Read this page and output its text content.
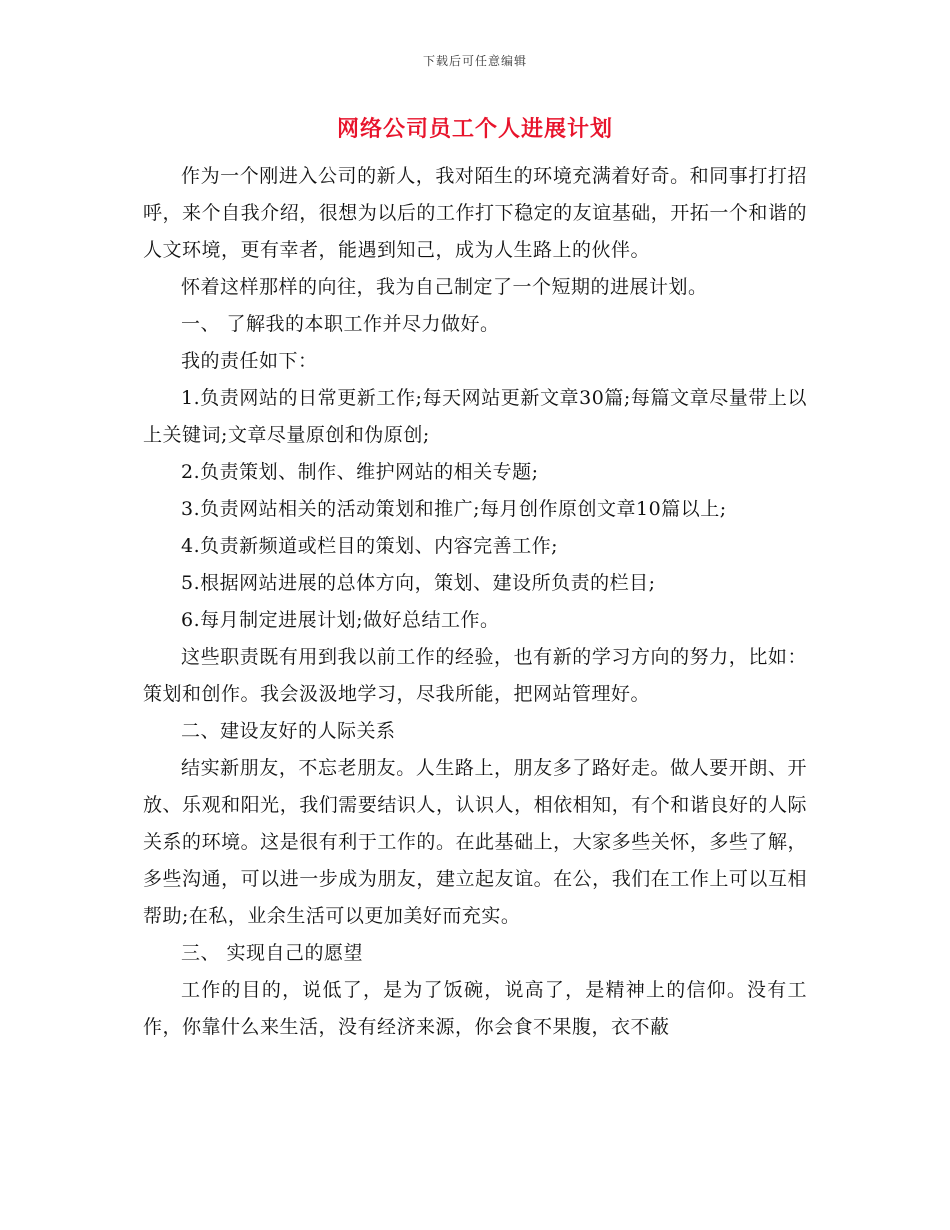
下载后可任意编辑
网络公司员工个人进展计划

作为一个刚进入公司的新人，我对陌生的环境充满着好奇。和同事打打招呼，来个自我介绍，很想为以后的工作打下稳定的友谊基础，开拓一个和谐的人文环境，更有幸者，能遇到知己，成为人生路上的伙伴。

怀着这样那样的向往，我为自己制定了一个短期的进展计划。

一、 了解我的本职工作并尽力做好。

我的责任如下：

1.负责网站的日常更新工作;每天网站更新文章30篇;每篇文章尽量带上以上关键词;文章尽量原创和伪原创;

2.负责策划、制作、维护网站的相关专题;

3.负责网站相关的活动策划和推广;每月创作原创文章10篇以上;

4.负责新频道或栏目的策划、内容完善工作;

5.根据网站进展的总体方向，策划、建设所负责的栏目;

6.每月制定进展计划;做好总结工作。

这些职责既有用到我以前工作的经验，也有新的学习方向的努力，比如：策划和创作。我会汲汲地学习，尽我所能，把网站管理好。

二、建设友好的人际关系

结实新朋友，不忘老朋友。人生路上，朋友多了路好走。做人要开朗、开放、乐观和阳光，我们需要结识人，认识人，相依相知，有个和谐良好的人际关系的环境。这是很有利于工作的。在此基础上，大家多些关怀，多些了解，多些沟通，可以进一步成为朋友，建立起友谊。在公，我们在工作上可以互相帮助;在私，业余生活可以更加美好而充实。

三、 实现自己的愿望

工作的目的，说低了，是为了饭碗，说高了，是精神上的信仰。没有工作，你靠什么来生活，没有经济来源，你会食不果腹，衣不蔽
